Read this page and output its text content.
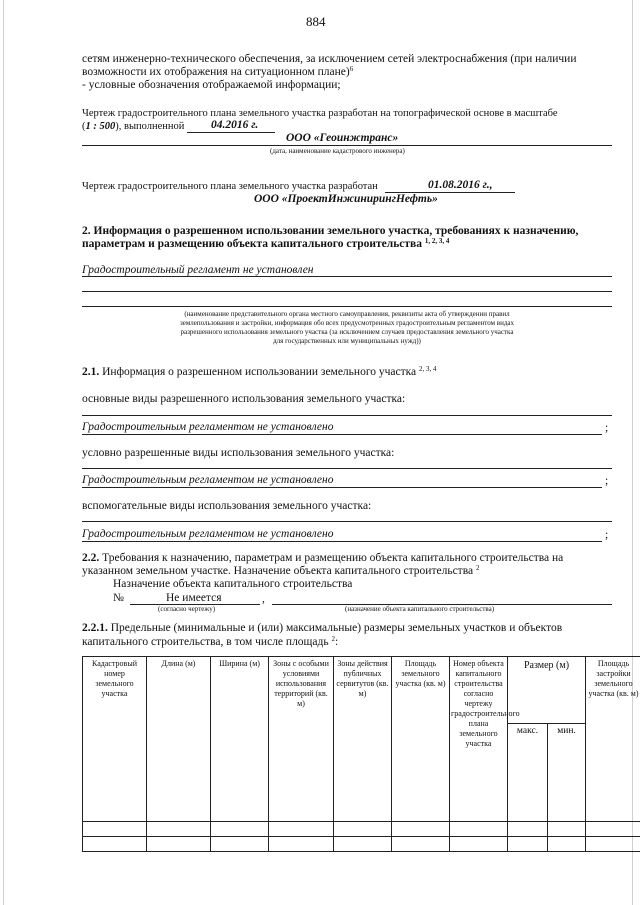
884
сетям инженерно-технического обеспечения, за исключением сетей электроснабжения (при наличии
возможности их отображения на ситуационном плане)$^6$
- условные обозначения отображаемой информации;
Чертеж градостроительного плана земельного участка разработан на топографической основе в масштабе
(1 : 500), выполненной 04.2016 г.
ООО «Геоинжтранс»
(дата, наименование кадастрового инженера)
Чертеж градостроительного плана земельного участка разработан	01.08.2016 г.,
ООО «ПроектИнжинирингНефть»
2. Информация о разрешенном использовании земельного участка, требованиях к назначению,
параметрам и размещению объекта капитального строительства $^{1, 2, 3, 4}$
Градостроительный регламент не установлен
(наименование представительного органа местного самоуправления, реквизиты акта об утверждении правил
землепользования и застройки, информация обо всех предусмотренных градостроительным регламентом видах
разрешенного использования земельного участка (за исключением случаев предоставления земельного участка
для государственных или муниципальных нужд))
2.1. Информация о разрешенном использовании земельного участка $^{2, 3, 4}$
основные виды разрешенного использования земельного участка:
Градостроительным регламентом не установлено	;
условно разрешенные виды использования земельного участка:
Градостроительным регламентом не установлено	;
вспомогательные виды использования земельного участка:
Градостроительным регламентом не установлено	;
2.2. Требования к назначению, параметрам и размещению объекта капитального строительства на
указанном земельном участке. Назначение объекта капитального строительства $^2$
Назначение объекта капитального строительства
№	Не имеется	,
(согласно чертежу)	(назначение объекта капитального строительства)
2.2.1. Предельные (минимальные и (или) максимальные) размеры земельных участков и объектов
капитального строительства, в том числе площадь $^2$:
Кадастровый номер земельного участка	Длина (м)	Ширина (м)	Зоны с особыми условиями использования территорий (кв. м)	Зоны действия публичных сервитутов (кв. м)	Площадь земельного участка (кв. м)	Номер объекта капитального строительства согласно чертежу градостроительного плана земельного участка	Размер (м)		Площадь застройки земельного участка (кв. м)
							макс.	мин.	
